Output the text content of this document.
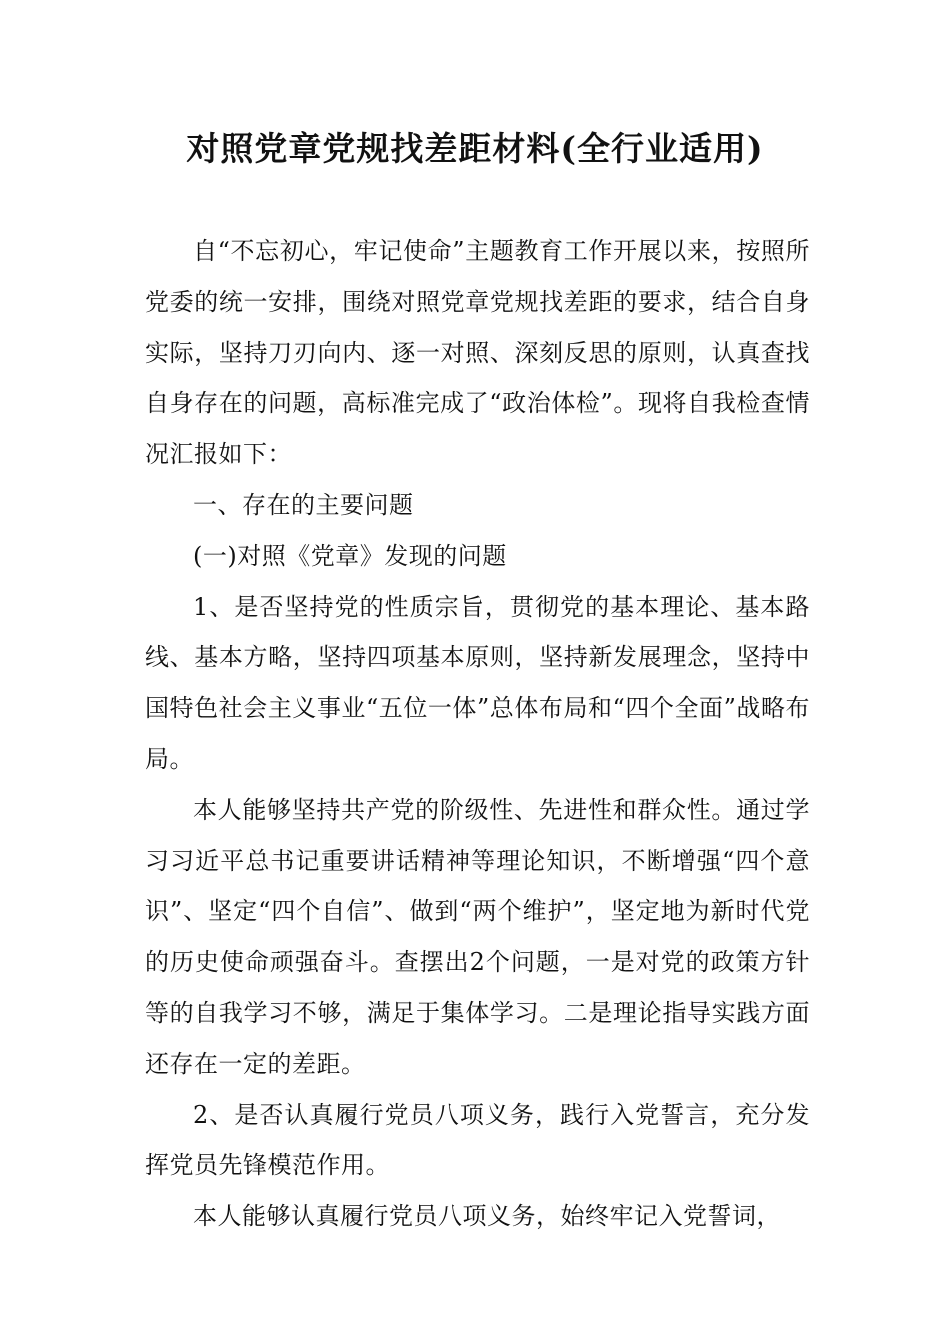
对照党章党规找差距材料(全行业适用)

自“不忘初心，牢记使命”主题教育工作开展以来，按照所党委的统一安排，围绕对照党章党规找差距的要求，结合自身实际，坚持刀刃向内、逐一对照、深刻反思的原则，认真查找自身存在的问题，高标准完成了“政治体检”。现将自我检查情况汇报如下：

一、存在的主要问题

(一)对照《党章》发现的问题

1、是否坚持党的性质宗旨，贯彻党的基本理论、基本路线、基本方略，坚持四项基本原则，坚持新发展理念，坚持中国特色社会主义事业“五位一体”总体布局和“四个全面”战略布局。

本人能够坚持共产党的阶级性、先进性和群众性。通过学习习近平总书记重要讲话精神等理论知识，不断增强“四个意识”、坚定“四个自信”、做到“两个维护”，坚定地为新时代党的历史使命顽强奋斗。查摆出2个问题，一是对党的政策方针等的自我学习不够，满足于集体学习。二是理论指导实践方面还存在一定的差距。

2、是否认真履行党员八项义务，践行入党誓言，充分发挥党员先锋模范作用。

本人能够认真履行党员八项义务，始终牢记入党誓词，
